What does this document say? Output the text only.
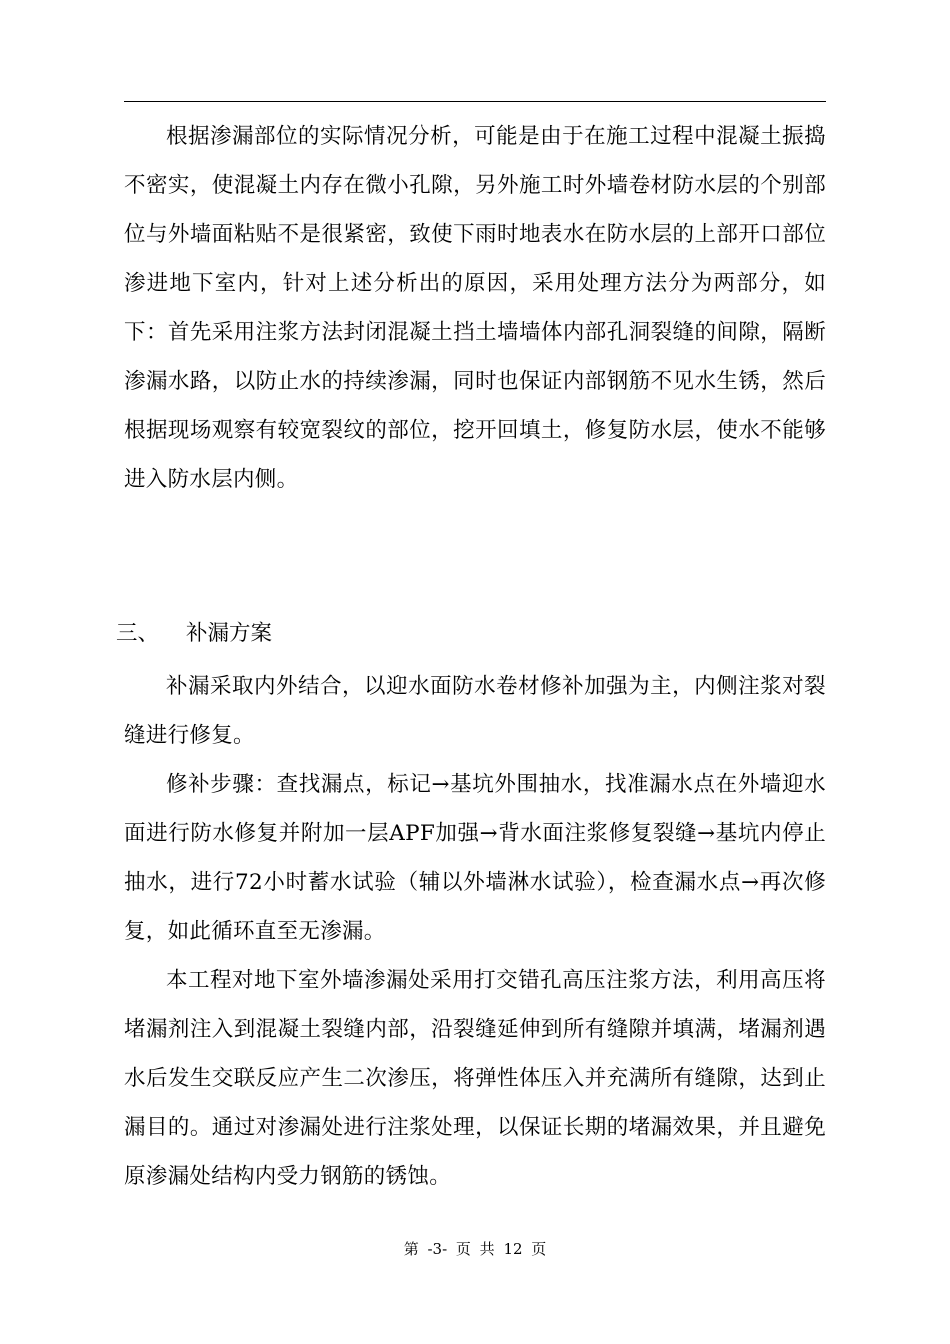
根据渗漏部位的实际情况分析，可能是由于在施工过程中混凝土振捣不密实，使混凝土内存在微小孔隙，另外施工时外墙卷材防水层的个别部位与外墙面粘贴不是很紧密，致使下雨时地表水在防水层的上部开口部位渗进地下室内，针对上述分析出的原因，采用处理方法分为两部分，如下：首先采用注浆方法封闭混凝土挡土墙墙体内部孔洞裂缝的间隙，隔断渗漏水路，以防止水的持续渗漏，同时也保证内部钢筋不见水生锈，然后根据现场观察有较宽裂纹的部位，挖开回填土，修复防水层，使水不能够进入防水层内侧。

三、 补漏方案

补漏采取内外结合，以迎水面防水卷材修补加强为主，内侧注浆对裂缝进行修复。

修补步骤：查找漏点，标记→基坑外围抽水，找准漏水点在外墙迎水面进行防水修复并附加一层APF加强→背水面注浆修复裂缝→基坑内停止抽水，进行72小时蓄水试验（辅以外墙淋水试验），检查漏水点→再次修复，如此循环直至无渗漏。

本工程对地下室外墙渗漏处采用打交错孔高压注浆方法，利用高压将堵漏剂注入到混凝土裂缝内部，沿裂缝延伸到所有缝隙并填满，堵漏剂遇水后发生交联反应产生二次渗压，将弹性体压入并充满所有缝隙，达到止漏目的。通过对渗漏处进行注浆处理，以保证长期的堵漏效果，并且避免原渗漏处结构内受力钢筋的锈蚀。

第 -3- 页 共 12 页
